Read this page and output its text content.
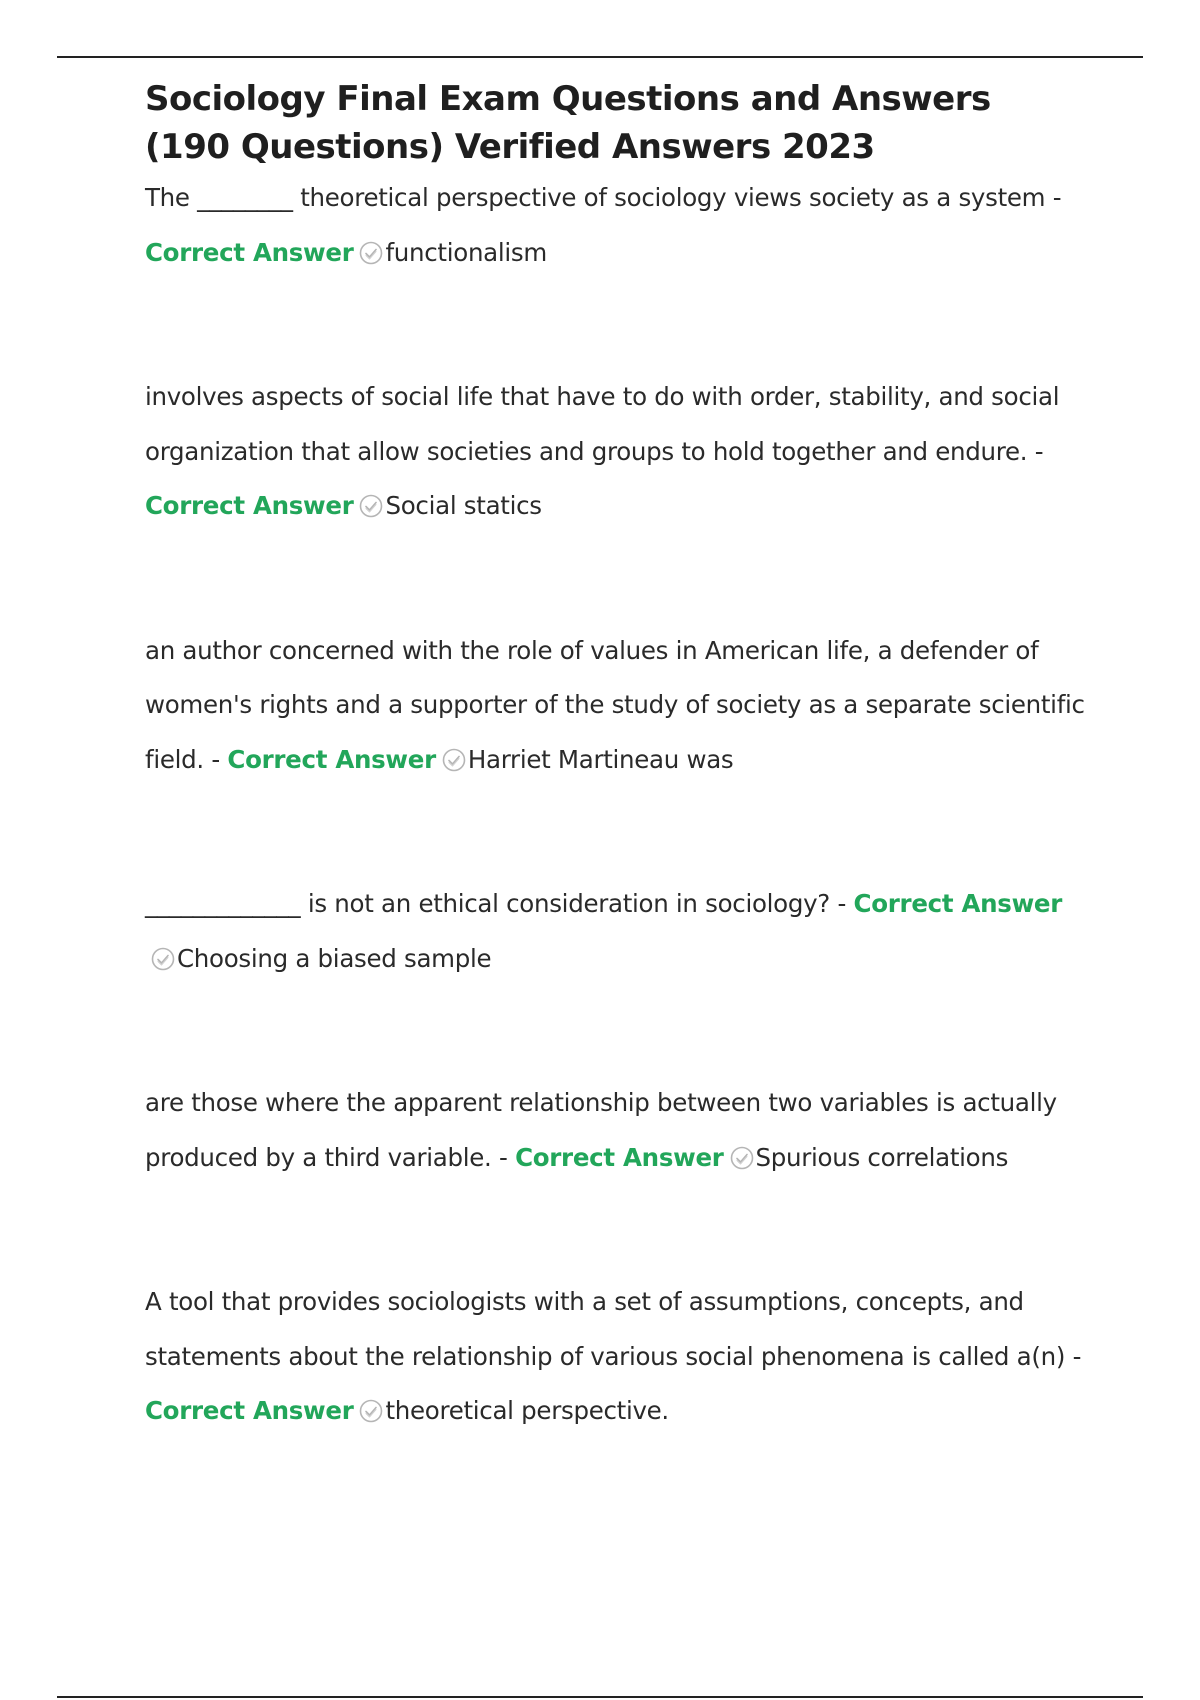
Sociology Final Exam Questions and Answers (190 Questions) Verified Answers 2023

The ________ theoretical perspective of sociology views society as a system - Correct Answer functionalism

involves aspects of social life that have to do with order, stability, and social organization that allow societies and groups to hold together and endure. - Correct Answer Social statics

an author concerned with the role of values in American life, a defender of women's rights and a supporter of the study of society as a separate scientific field. - Correct Answer Harriet Martineau was

_____________ is not an ethical consideration in sociology? - Correct Answer
Choosing a biased sample

are those where the apparent relationship between two variables is actually produced by a third variable. - Correct Answer Spurious correlations

A tool that provides sociologists with a set of assumptions, concepts, and statements about the relationship of various social phenomena is called a(n) - Correct Answer theoretical perspective.
